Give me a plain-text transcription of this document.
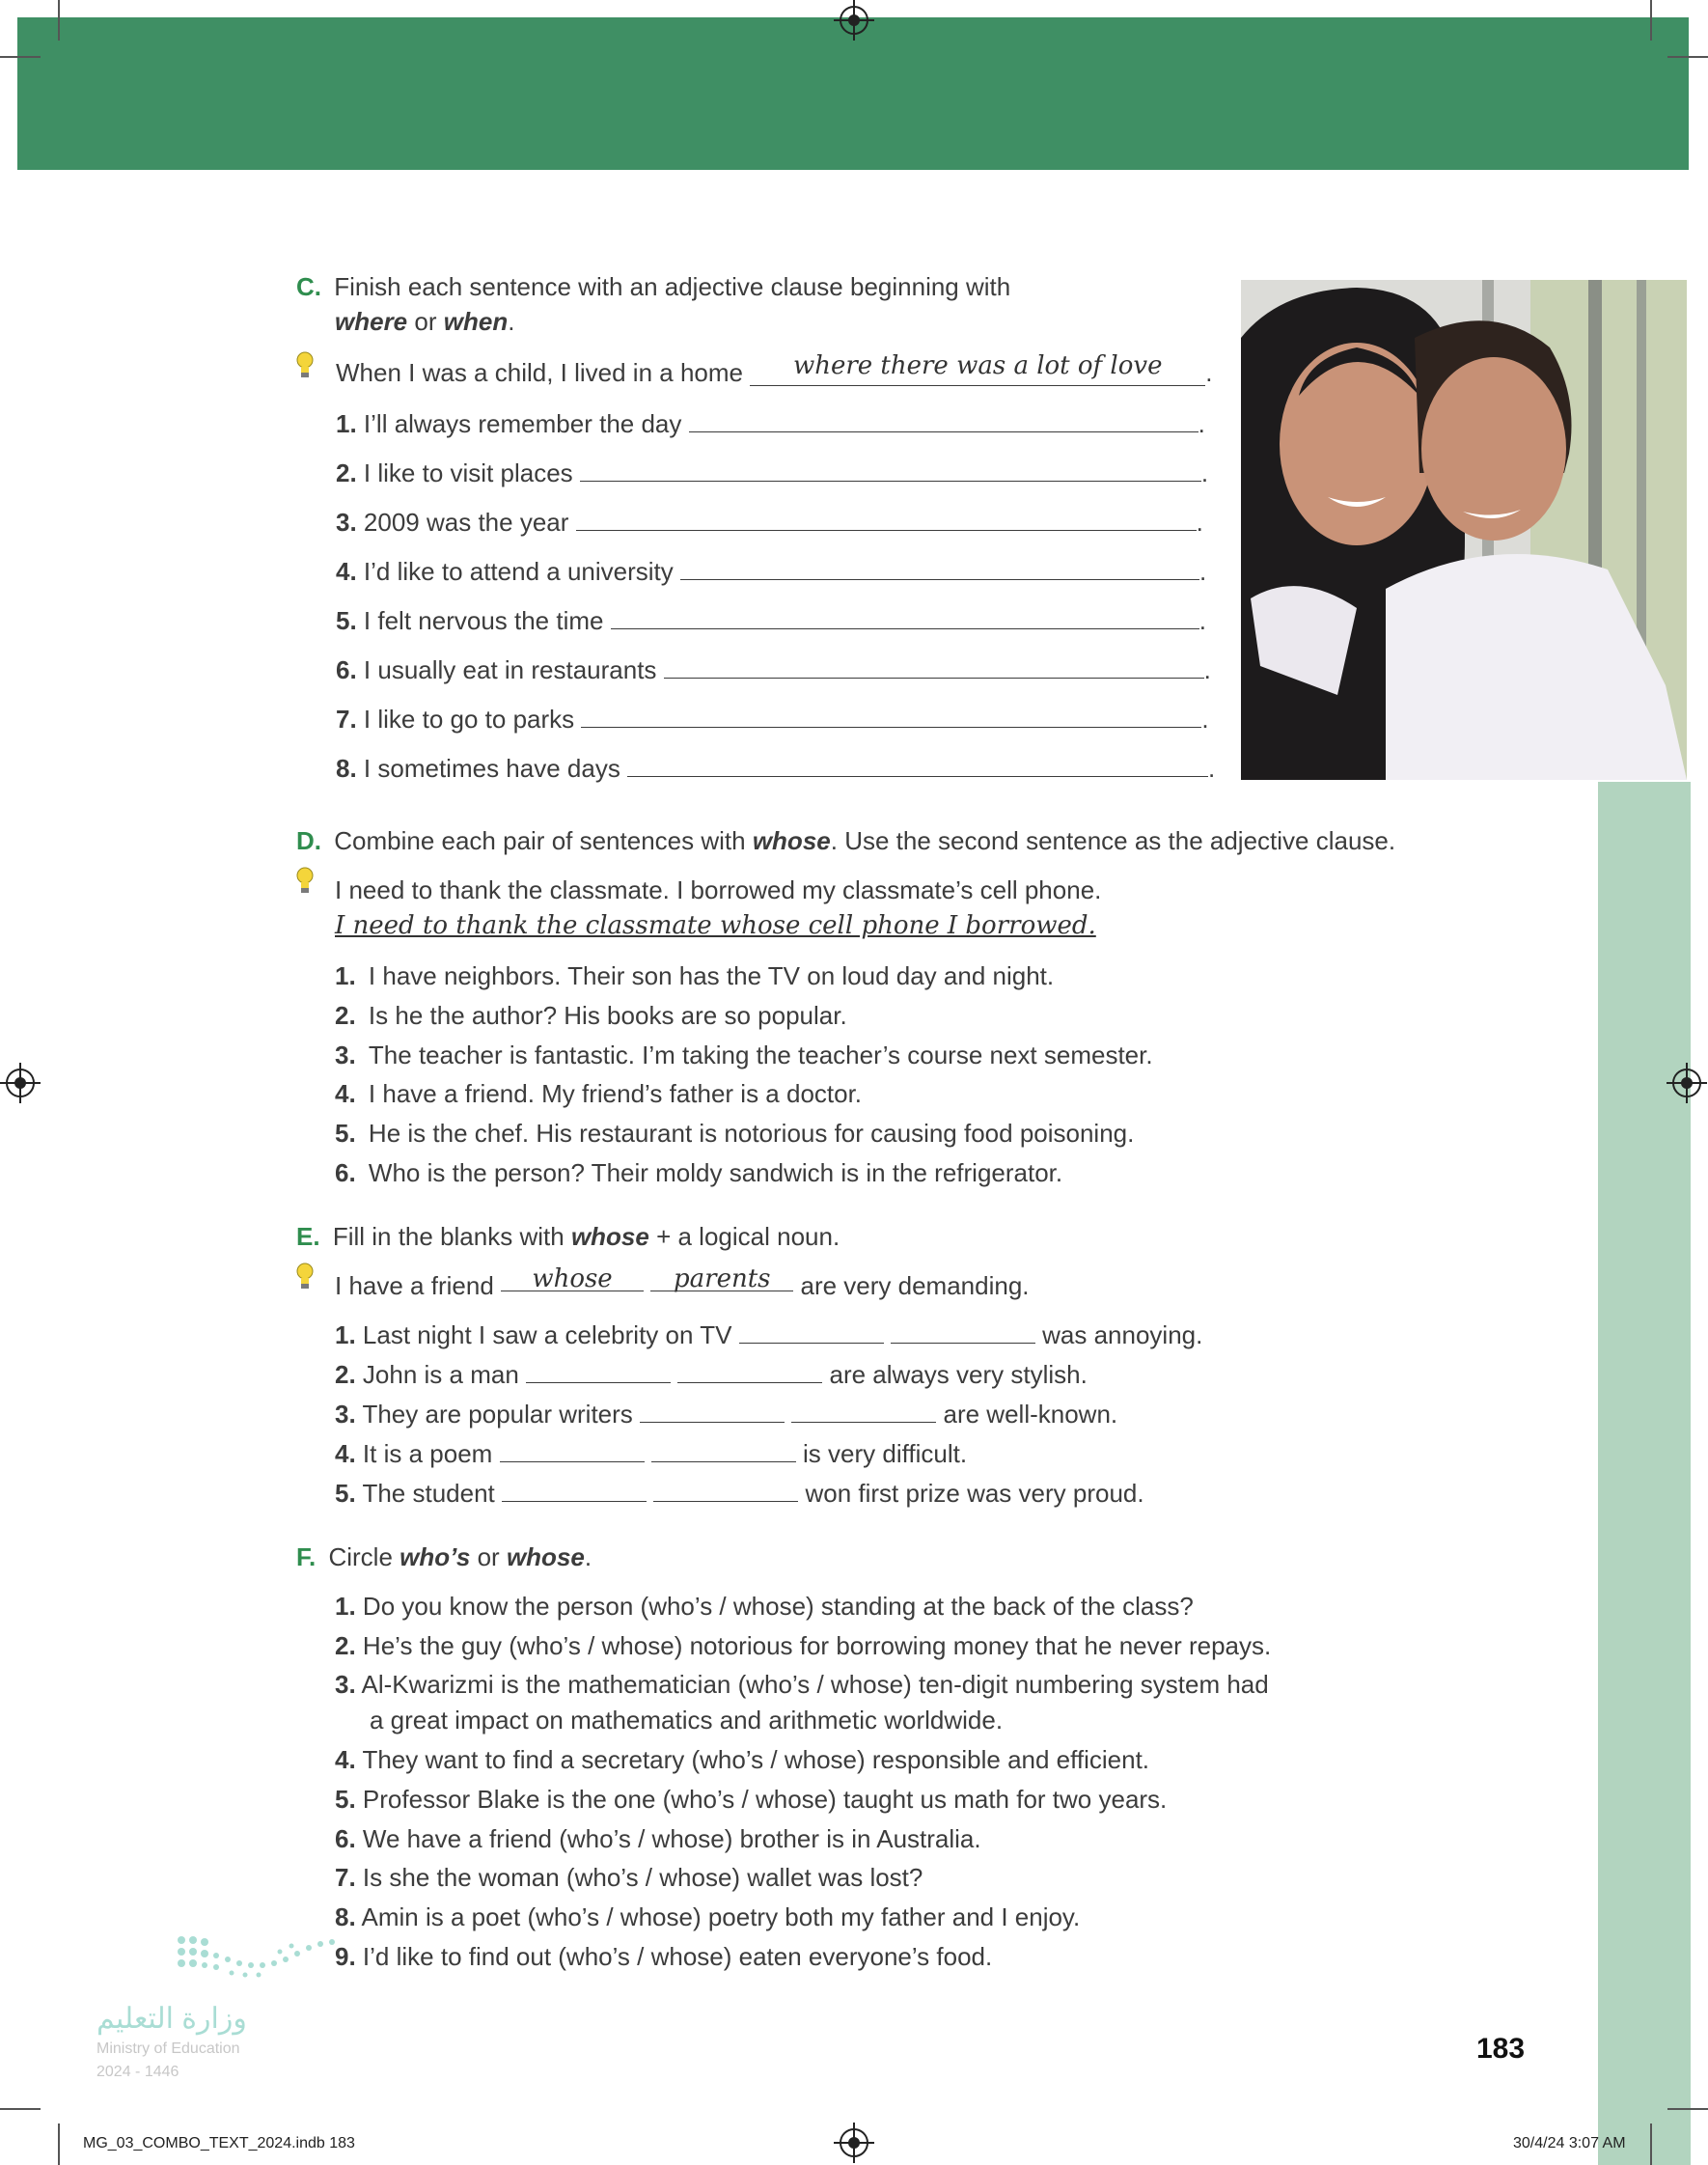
C. Finish each sentence with an adjective clause beginning with
where or when.
When I was a child, I lived in a home where there was a lot of love .
1. I’ll always remember the day	.
2. I like to visit places	.
3. 2009 was the year	.
4. I’d like to attend a university	.
5. I felt nervous the time	.
6. I usually eat in restaurants	.
7. I like to go to parks	.
8. I sometimes have days	.
D. Combine each pair of sentences with whose. Use the second sentence as the adjective clause.
I need to thank the classmate. I borrowed my classmate’s cell phone.
I need to thank the classmate whose cell phone I borrowed.
1. I have neighbors. Their son has the TV on loud day and night.
2. Is he the author? His books are so popular.
3. The teacher is fantastic. I’m taking the teacher’s course next semester.
4. I have a friend. My friend’s father is a doctor.
5. He is the chef. His restaurant is notorious for causing food poisoning.
6. Who is the person? Their moldy sandwich is in the refrigerator.
E. Fill in the blanks with whose + a logical noun.
I have a friend whose parents are very demanding.
1. Last night I saw a celebrity on TV	was annoying.
2. John is a man	are always very stylish.
3. They are popular writers	are well-known.
4. It is a poem	is very difficult.
5. The student	won first prize was very proud.
F. Circle who’s or whose.
1. Do you know the person (who’s / whose) standing at the back of the class?
2. He’s the guy (who’s / whose) notorious for borrowing money that he never repays.
3. Al-Kwarizmi is the mathematician (who’s / whose) ten-digit numbering system had
a great impact on mathematics and arithmetic worldwide.
4. They want to find a secretary (who’s / whose) responsible and efficient.
5. Professor Blake is the one (who’s / whose) taught us math for two years.
6. We have a friend (who’s / whose) brother is in Australia.
7. Is she the woman (who’s / whose) wallet was lost?
8. Amin is a poet (who’s / whose) poetry both my father and I enjoy.
9. I’d like to find out (who’s / whose) eaten everyone’s food.
وزارة التعليم
Ministry of Education
2024 - 1446
183
MG_03_COMBO_TEXT_2024.indb 183	30/4/24 3:07 AM
